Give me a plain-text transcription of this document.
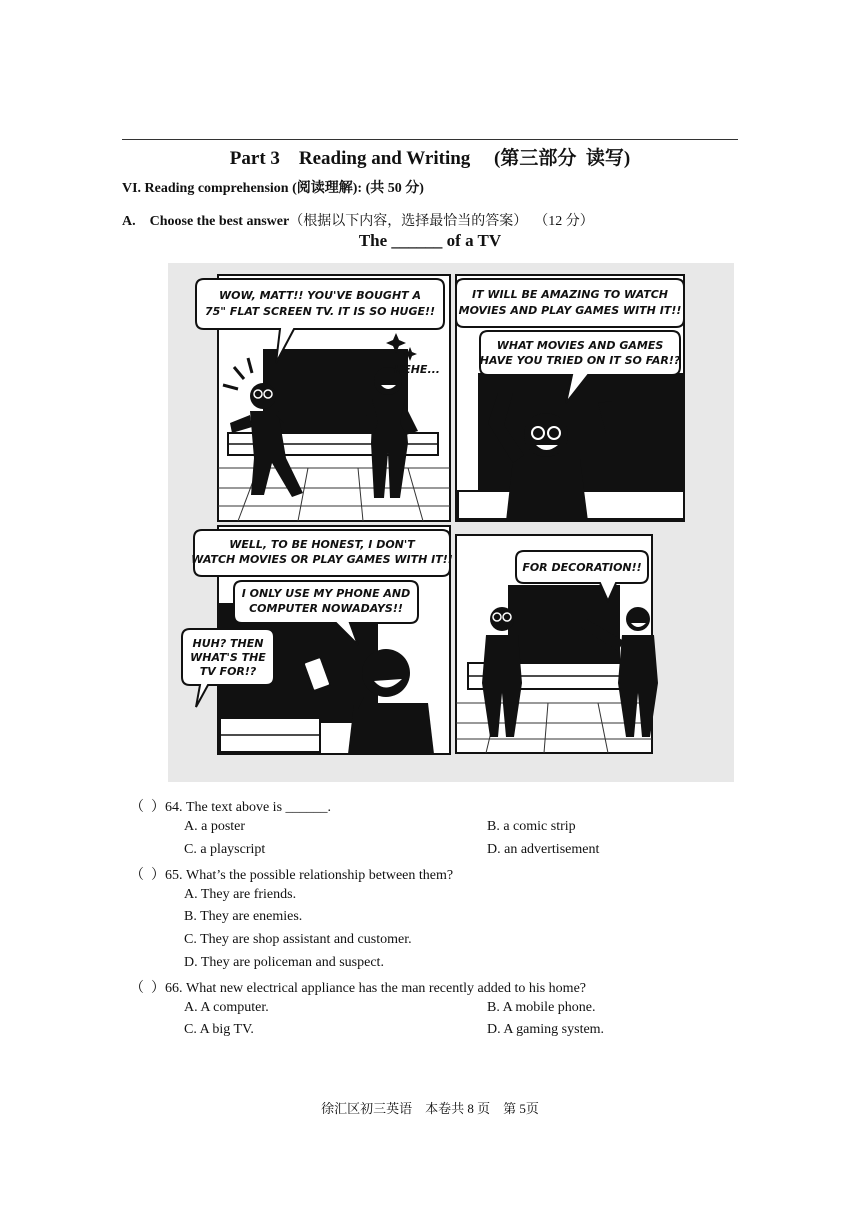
Part 3    Reading and Writing     (第三部分  读写)
VI. Reading comprehension (阅读理解): (共 50 分)
A.    Choose the best answer（根据以下内容，选择最恰当的答案）  （12 分）
The ______ of a TV
HEHE...
WOW, MATT!! YOU'VE BOUGHT A
75" FLAT SCREEN TV. IT IS SO HUGE!!
IT WILL BE AMAZING TO WATCH
MOVIES AND PLAY GAMES WITH IT!!
WHAT MOVIES AND GAMES
HAVE YOU TRIED ON IT SO FAR!?
WELL, TO BE HONEST, I DON'T
WATCH MOVIES OR PLAY GAMES WITH IT!!
I ONLY USE MY PHONE AND
COMPUTER NOWADAYS!!
HUH? THEN
WHAT'S THE
TV FOR!?
FOR DECORATION!!
（  ）64. The text above is ______.
A. a poster	B. a comic strip
C. a playscript	D. an advertisement
（  ）65. What’s the possible relationship between them?
A. They are friends.
B. They are enemies.
C. They are shop assistant and customer.
D. They are policeman and suspect.
（  ）66. What new electrical appliance has the man recently added to his home?
A. A computer.	B. A mobile phone.
C. A big TV.	D. A gaming system.
徐汇区初三英语    本卷共 8 页    第 5页
